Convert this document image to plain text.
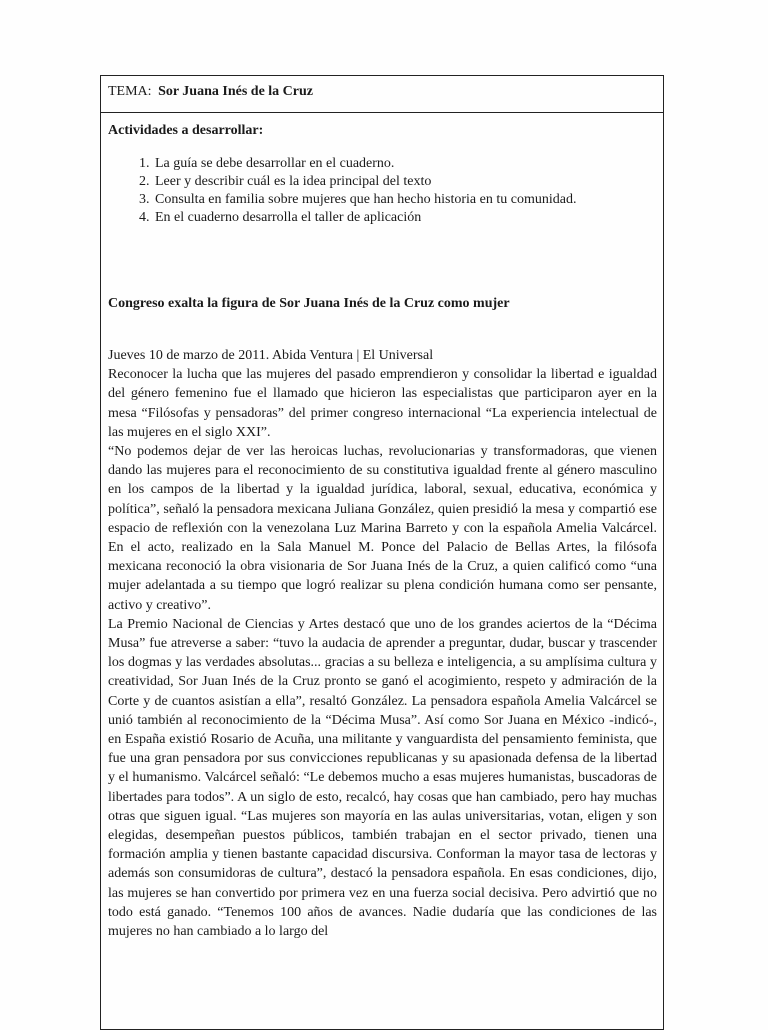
TEMA: Sor Juana Inés de la Cruz
Actividades a desarrollar:
1. La guía se debe desarrollar en el cuaderno.
2. Leer y describir cuál es la idea principal del texto
3. Consulta en familia sobre mujeres que han hecho historia en tu comunidad.
4. En el cuaderno desarrolla el taller de aplicación
Congreso exalta la figura de Sor Juana Inés de la Cruz como mujer

Jueves 10 de marzo de 2011. Abida Ventura | El Universal

Reconocer la lucha que las mujeres del pasado emprendieron y consolidar la libertad e igualdad del género femenino fue el llamado que hicieron las especialistas que participaron ayer en la mesa “Filósofas y pensadoras” del primer congreso internacional “La experiencia intelectual de las mujeres en el siglo XXI”.

“No podemos dejar de ver las heroicas luchas, revolucionarias y transformadoras, que vienen dando las mujeres para el reconocimiento de su constitutiva igualdad frente al género masculino en los campos de la libertad y la igualdad jurídica, laboral, sexual, educativa, económica y política”, señaló la pensadora mexicana Juliana González, quien presidió la mesa y compartió ese espacio de reflexión con la venezolana Luz Marina Barreto y con la española Amelia Valcárcel. En el acto, realizado en la Sala Manuel M. Ponce del Palacio de Bellas Artes, la filósofa mexicana reconoció la obra visionaria de Sor Juana Inés de la Cruz, a quien calificó como “una mujer adelantada a su tiempo que logró realizar su plena condición humana como ser pensante, activo y creativo”.

La Premio Nacional de Ciencias y Artes destacó que uno de los grandes aciertos de la “Décima Musa” fue atreverse a saber: “tuvo la audacia de aprender a preguntar, dudar, buscar y trascender los dogmas y las verdades absolutas... gracias a su belleza e inteligencia, a su amplísima cultura y creatividad, Sor Juan Inés de la Cruz pronto se ganó el acogimiento, respeto y admiración de la Corte y de cuantos asistían a ella”, resaltó González. La pensadora española Amelia Valcárcel se unió también al reconocimiento de la “Décima Musa”. Así como Sor Juana en México -indicó-, en España existió Rosario de Acuña, una militante y vanguardista del pensamiento feminista, que fue una gran pensadora por sus convicciones republicanas y su apasionada defensa de la libertad y el humanismo. Valcárcel señaló: “Le debemos mucho a esas mujeres humanistas, buscadoras de libertades para todos”. A un siglo de esto, recalcó, hay cosas que han cambiado, pero hay muchas otras que siguen igual. “Las mujeres son mayoría en las aulas universitarias, votan, eligen y son elegidas, desempeñan puestos públicos, también trabajan en el sector privado, tienen una formación amplia y tienen bastante capacidad discursiva. Conforman la mayor tasa de lectoras y además son consumidoras de cultura”, destacó la pensadora española. En esas condiciones, dijo, las mujeres se han convertido por primera vez en una fuerza social decisiva. Pero advirtió que no todo está ganado. “Tenemos 100 años de avances. Nadie dudaría que las condiciones de las mujeres no han cambiado a lo largo del
